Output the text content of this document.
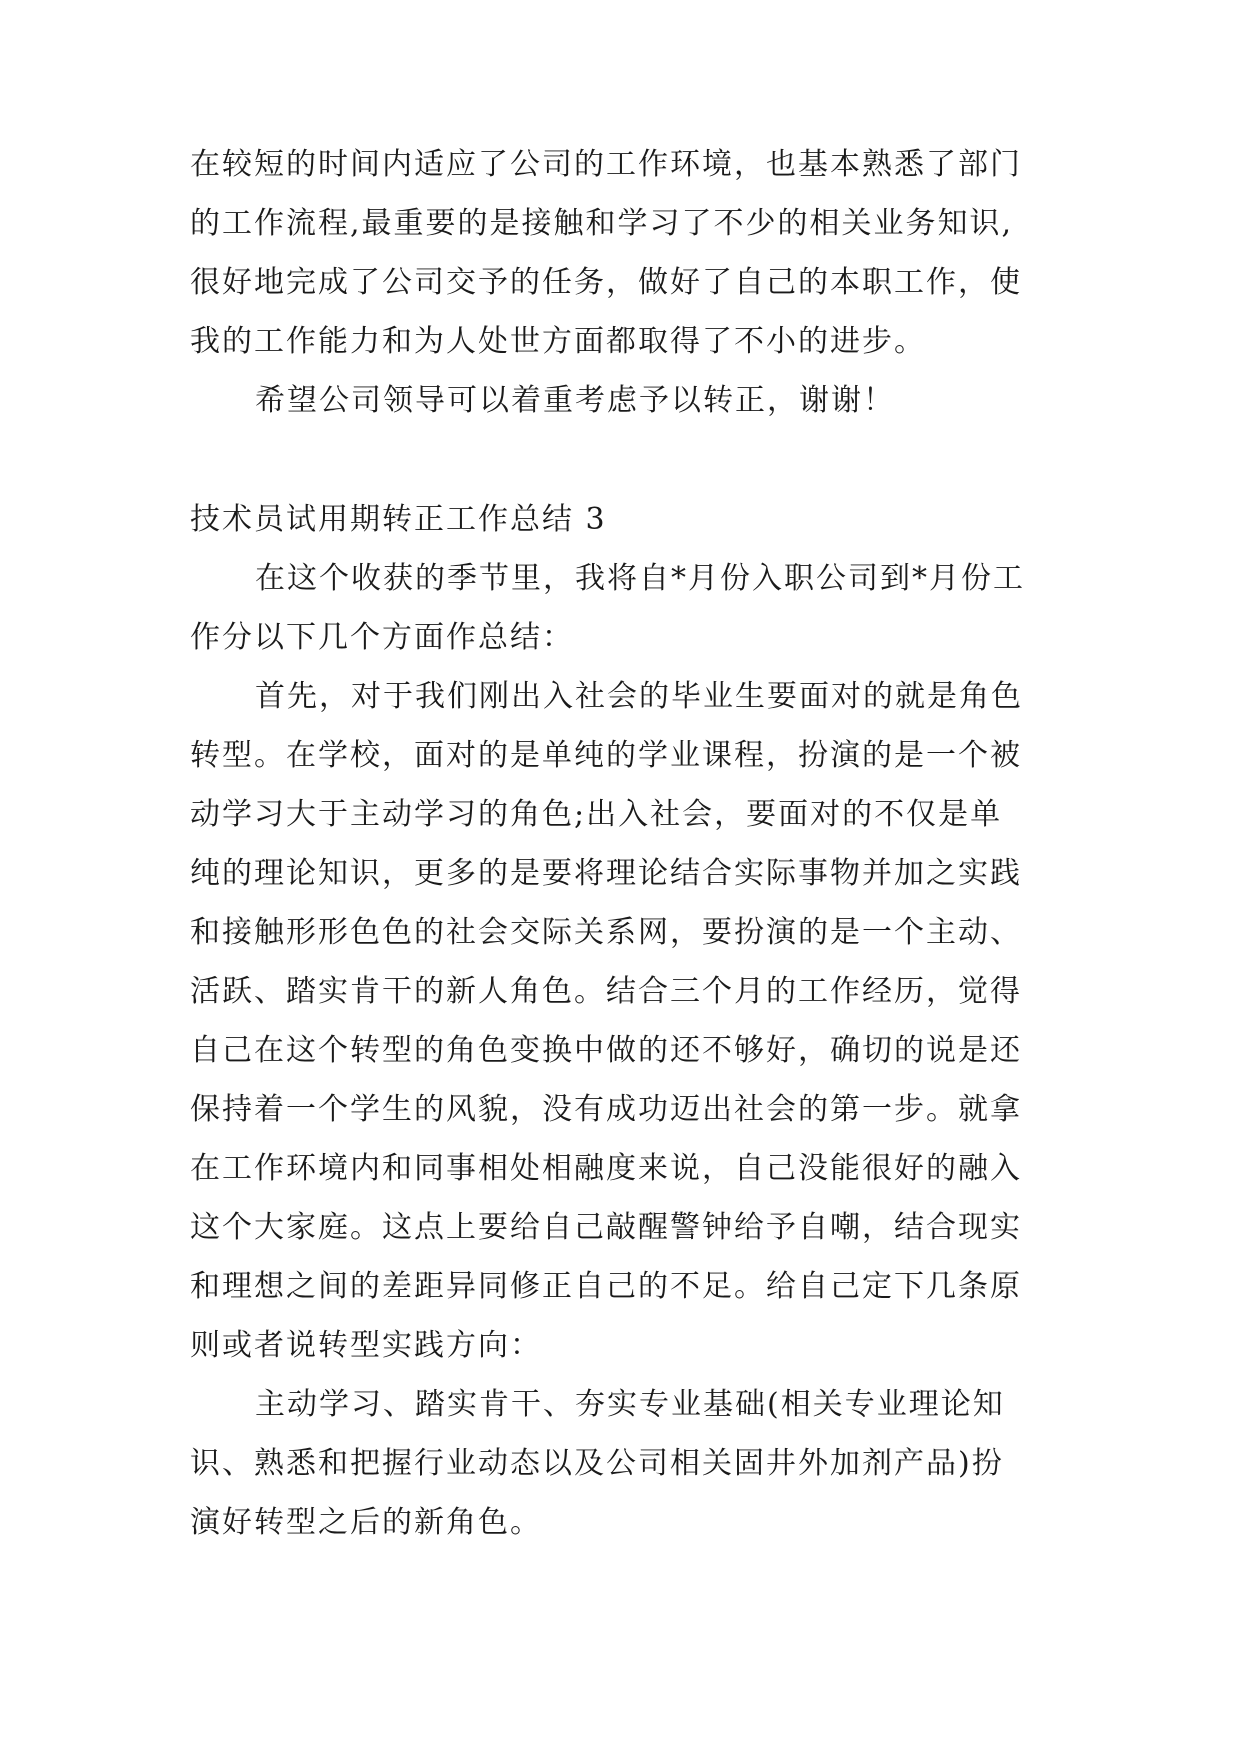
在较短的时间内适应了公司的工作环境，也基本熟悉了部门
的工作流程,最重要的是接触和学习了不少的相关业务知识,
很好地完成了公司交予的任务，做好了自己的本职工作，使
我的工作能力和为人处世方面都取得了不小的进步。
希望公司领导可以着重考虑予以转正，谢谢！
技术员试用期转正工作总结 3
在这个收获的季节里，我将自*月份入职公司到*月份工
作分以下几个方面作总结：
首先，对于我们刚出入社会的毕业生要面对的就是角色
转型。在学校，面对的是单纯的学业课程，扮演的是一个被
动学习大于主动学习的角色;出入社会，要面对的不仅是单
纯的理论知识，更多的是要将理论结合实际事物并加之实践
和接触形形色色的社会交际关系网，要扮演的是一个主动、
活跃、踏实肯干的新人角色。结合三个月的工作经历，觉得
自己在这个转型的角色变换中做的还不够好，确切的说是还
保持着一个学生的风貌，没有成功迈出社会的第一步。就拿
在工作环境内和同事相处相融度来说，自己没能很好的融入
这个大家庭。这点上要给自己敲醒警钟给予自嘲，结合现实
和理想之间的差距异同修正自己的不足。给自己定下几条原
则或者说转型实践方向：
主动学习、踏实肯干、夯实专业基础(相关专业理论知
识、熟悉和把握行业动态以及公司相关固井外加剂产品)扮
演好转型之后的新角色。
